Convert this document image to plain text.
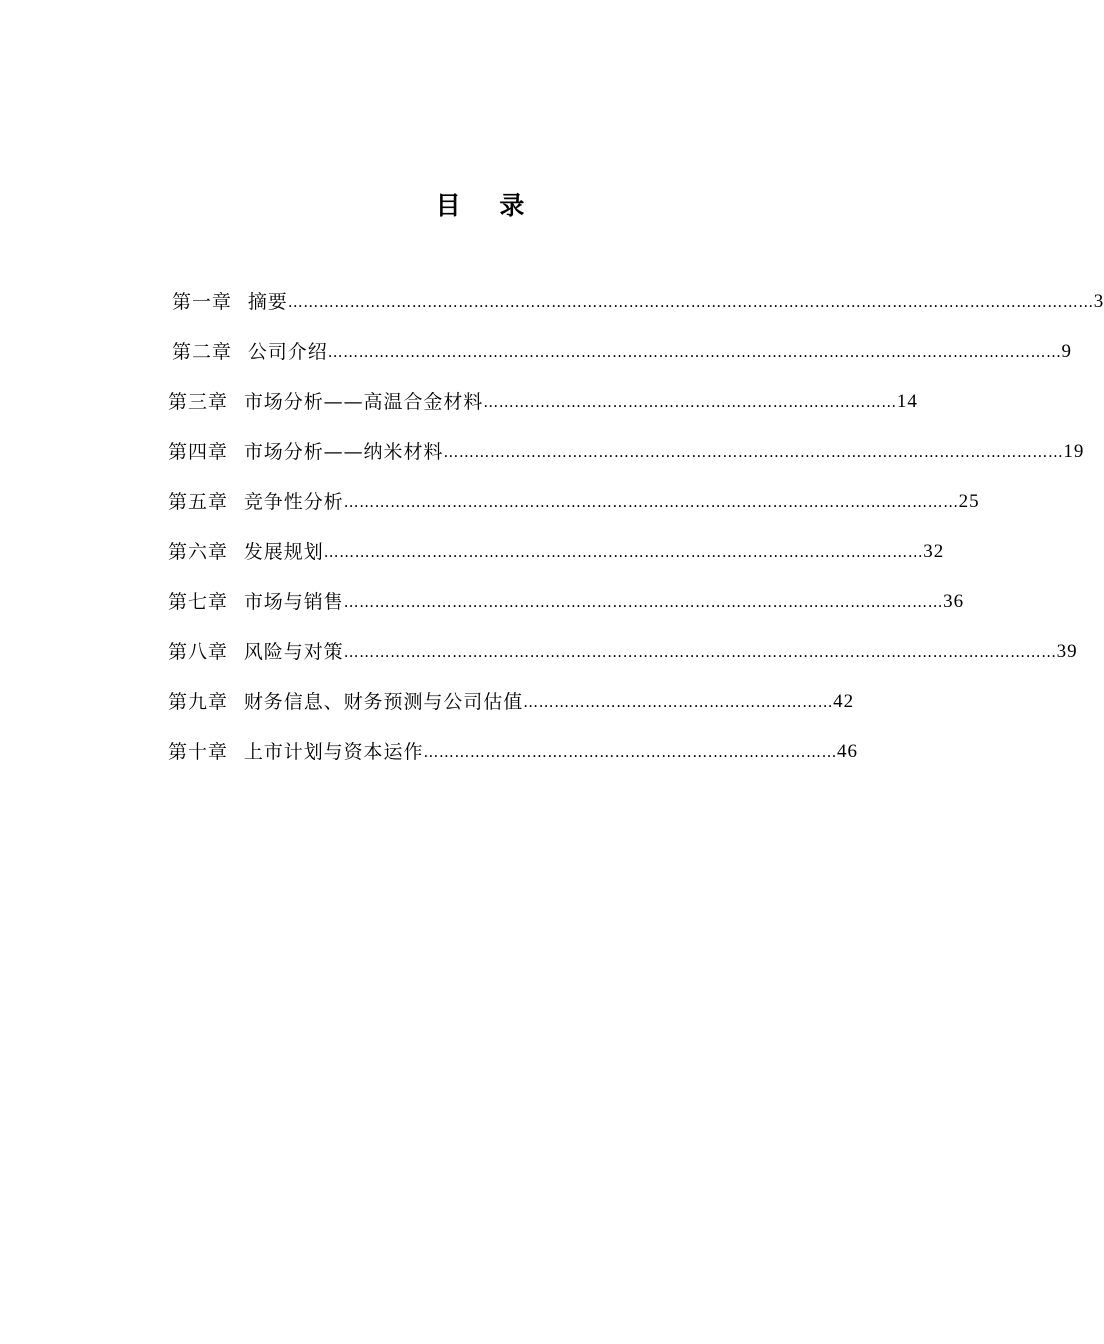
目 录
第一章 摘要 ………………………………………………………………………………………………………………………………………… 3
第二章 公司介绍 ………………….………………………………………………………………………………………………………… 9
第三章 市场分析——高温合金材料 ……….……………………….…………………………………… 14
第四章 市场分析——纳米材料 ………………………………………………………………………………………………………… 19
第五章 竞争性分析 ……………………….………………………….…………………………………………………… 25
第六章 发展规划 ……………………….……………………….…………………………………………………… 32
第七章 市场与销售 ……………………….……………………….…………………………………………………… 36
第八章 风险与对策 ………………………………………………………………………………………………………………………… 39
第九章 财务信息、财务预测与公司估值 …………………………………………………… 42
第十章 上市计划与资本运作 ……………………….……………………….…………………… 46
